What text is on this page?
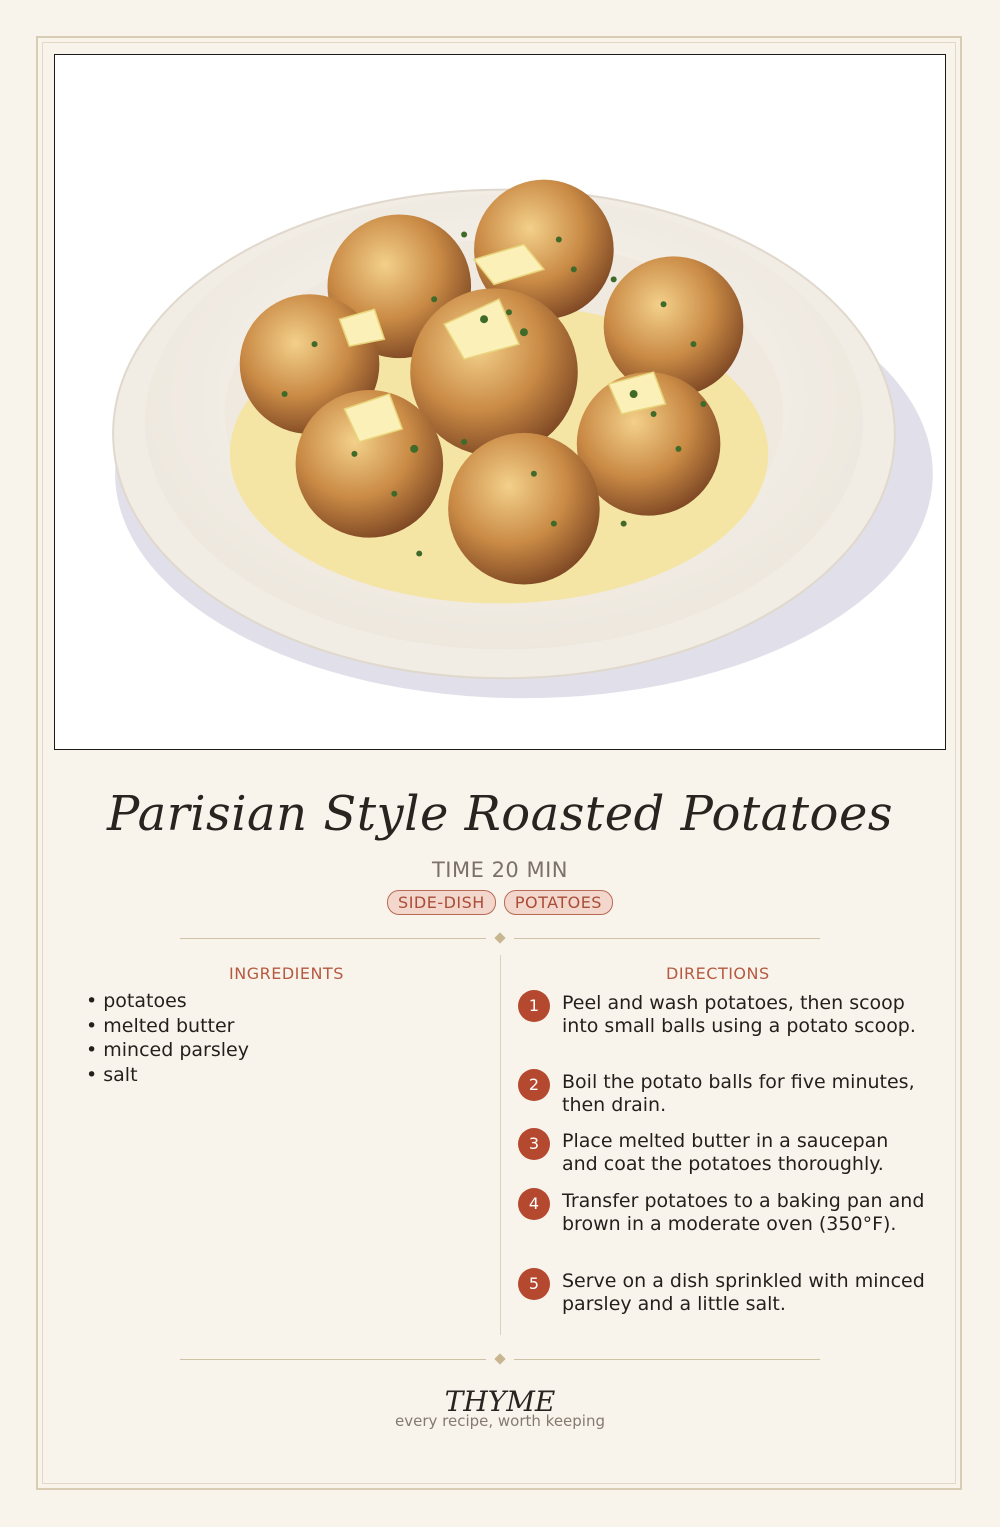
Parisian Style Roasted Potatoes
TIME 20 MIN
SIDE-DISH POTATOES
INGREDIENTS
• potatoes
• melted butter
• minced parsley
• salt
DIRECTIONS
1	Peel and wash potatoes, then scoop into small balls using a potato scoop.
2	Boil the potato balls for five minutes, then drain.
3	Place melted butter in a saucepan and coat the potatoes thoroughly.
4	Transfer potatoes to a baking pan and brown in a moderate oven (350°F).
5	Serve on a dish sprinkled with minced parsley and a little salt.
THYME
every recipe, worth keeping
